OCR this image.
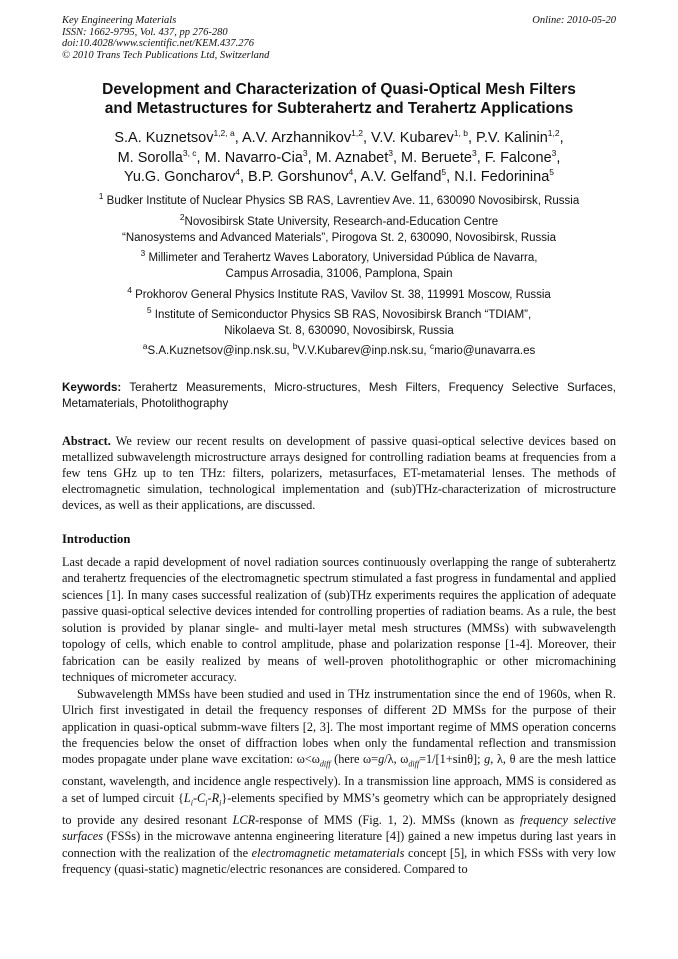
Key Engineering Materials
ISSN: 1662-9795, Vol. 437, pp 276-280
doi:10.4028/www.scientific.net/KEM.437.276
© 2010 Trans Tech Publications Ltd, Switzerland
Online: 2010-05-20
Development and Characterization of Quasi-Optical Mesh Filters
and Metastructures for Subterahertz and Terahertz Applications
S.A. Kuznetsov$^{1,2, a}$, A.V. Arzhannikov$^{1,2}$, V.V. Kubarev$^{1, b}$, P.V. Kalinin$^{1,2}$,
M. Sorolla$^{3, c}$, M. Navarro-Cia$^3$, M. Aznabet$^3$, M. Beruete$^3$, F. Falcone$^3$,
Yu.G. Goncharov$^4$, B.P. Gorshunov$^4$, A.V. Gelfand$^5$, N.I. Fedorinina$^5$
$^1$ Budker Institute of Nuclear Physics SB RAS, Lavrentiev Ave. 11, 630090 Novosibirsk, Russia
$^2$Novosibirsk State University, Research-and-Education Centre
“Nanosystems and Advanced Materials”, Pirogova St. 2, 630090, Novosibirsk, Russia
$^3$ Millimeter and Terahertz Waves Laboratory, Universidad Pública de Navarra,
Campus Arrosadia, 31006, Pamplona, Spain
$^4$ Prokhorov General Physics Institute RAS, Vavilov St. 38, 119991 Moscow, Russia
$^5$ Institute of Semiconductor Physics SB RAS, Novosibirsk Branch “TDIAM”,
Nikolaeva St. 8, 630090, Novosibirsk, Russia
$^a$S.A.Kuznetsov@inp.nsk.su, $^b$V.V.Kubarev@inp.nsk.su, $^c$mario@unavarra.es
Keywords: Terahertz Measurements, Micro-structures, Mesh Filters, Frequency Selective Surfaces, Metamaterials, Photolithography
Abstract. We review our recent results on development of passive quasi-optical selective devices based on metallized subwavelength microstructure arrays designed for controlling radiation beams at frequencies from a few tens GHz up to ten THz: filters, polarizers, metasurfaces, ET-metamaterial lenses. The methods of electromagnetic simulation, technological implementation and (sub)THz-characterization of microstructure devices, as well as their applications, are discussed.
Introduction

Last decade a rapid development of novel radiation sources continuously overlapping the range of subterahertz and terahertz frequencies of the electromagnetic spectrum stimulated a fast progress in fundamental and applied sciences [1]. In many cases successful realization of (sub)THz experiments requires the application of adequate passive quasi-optical selective devices intended for controlling properties of radiation beams. As a rule, the best solution is provided by planar single- and multi-layer metal mesh structures (MMSs) with subwavelength topology of cells, which enable to control amplitude, phase and polarization response [1-4]. Moreover, their fabrication can be easily realized by means of well-proven photolithographic or other micromachining techniques of micrometer accuracy.

Subwavelength MMSs have been studied and used in THz instrumentation since the end of 1960s, when R. Ulrich first investigated in detail the frequency responses of different 2D MMSs for the purpose of their application in quasi-optical submm-wave filters [2, 3]. The most important regime of MMS operation concerns the frequencies below the onset of diffraction lobes when only the fundamental reflection and transmission modes propagate under plane wave excitation: $\omega<\omega_{diff}$ (here ω=g/λ, $\omega_{diff}=1/[1+\sin\theta]$; g, λ, θ are the mesh lattice constant, wavelength, and incidence angle respectively). In a transmission line approach, MMS is considered as a set of lumped circuit $\{L_i-C_i-R_i\}$-elements specified by MMS’s geometry which can be appropriately designed to provide any desired resonant LCR-response of MMS (Fig. 1, 2). MMSs (known as frequency selective surfaces (FSSs) in the microwave antenna engineering literature [4]) gained a new impetus during last years in connection with the realization of the electromagnetic metamaterials concept [5], in which FSSs with very low frequency (quasi-static) magnetic/electric resonances are considered. Compared to
